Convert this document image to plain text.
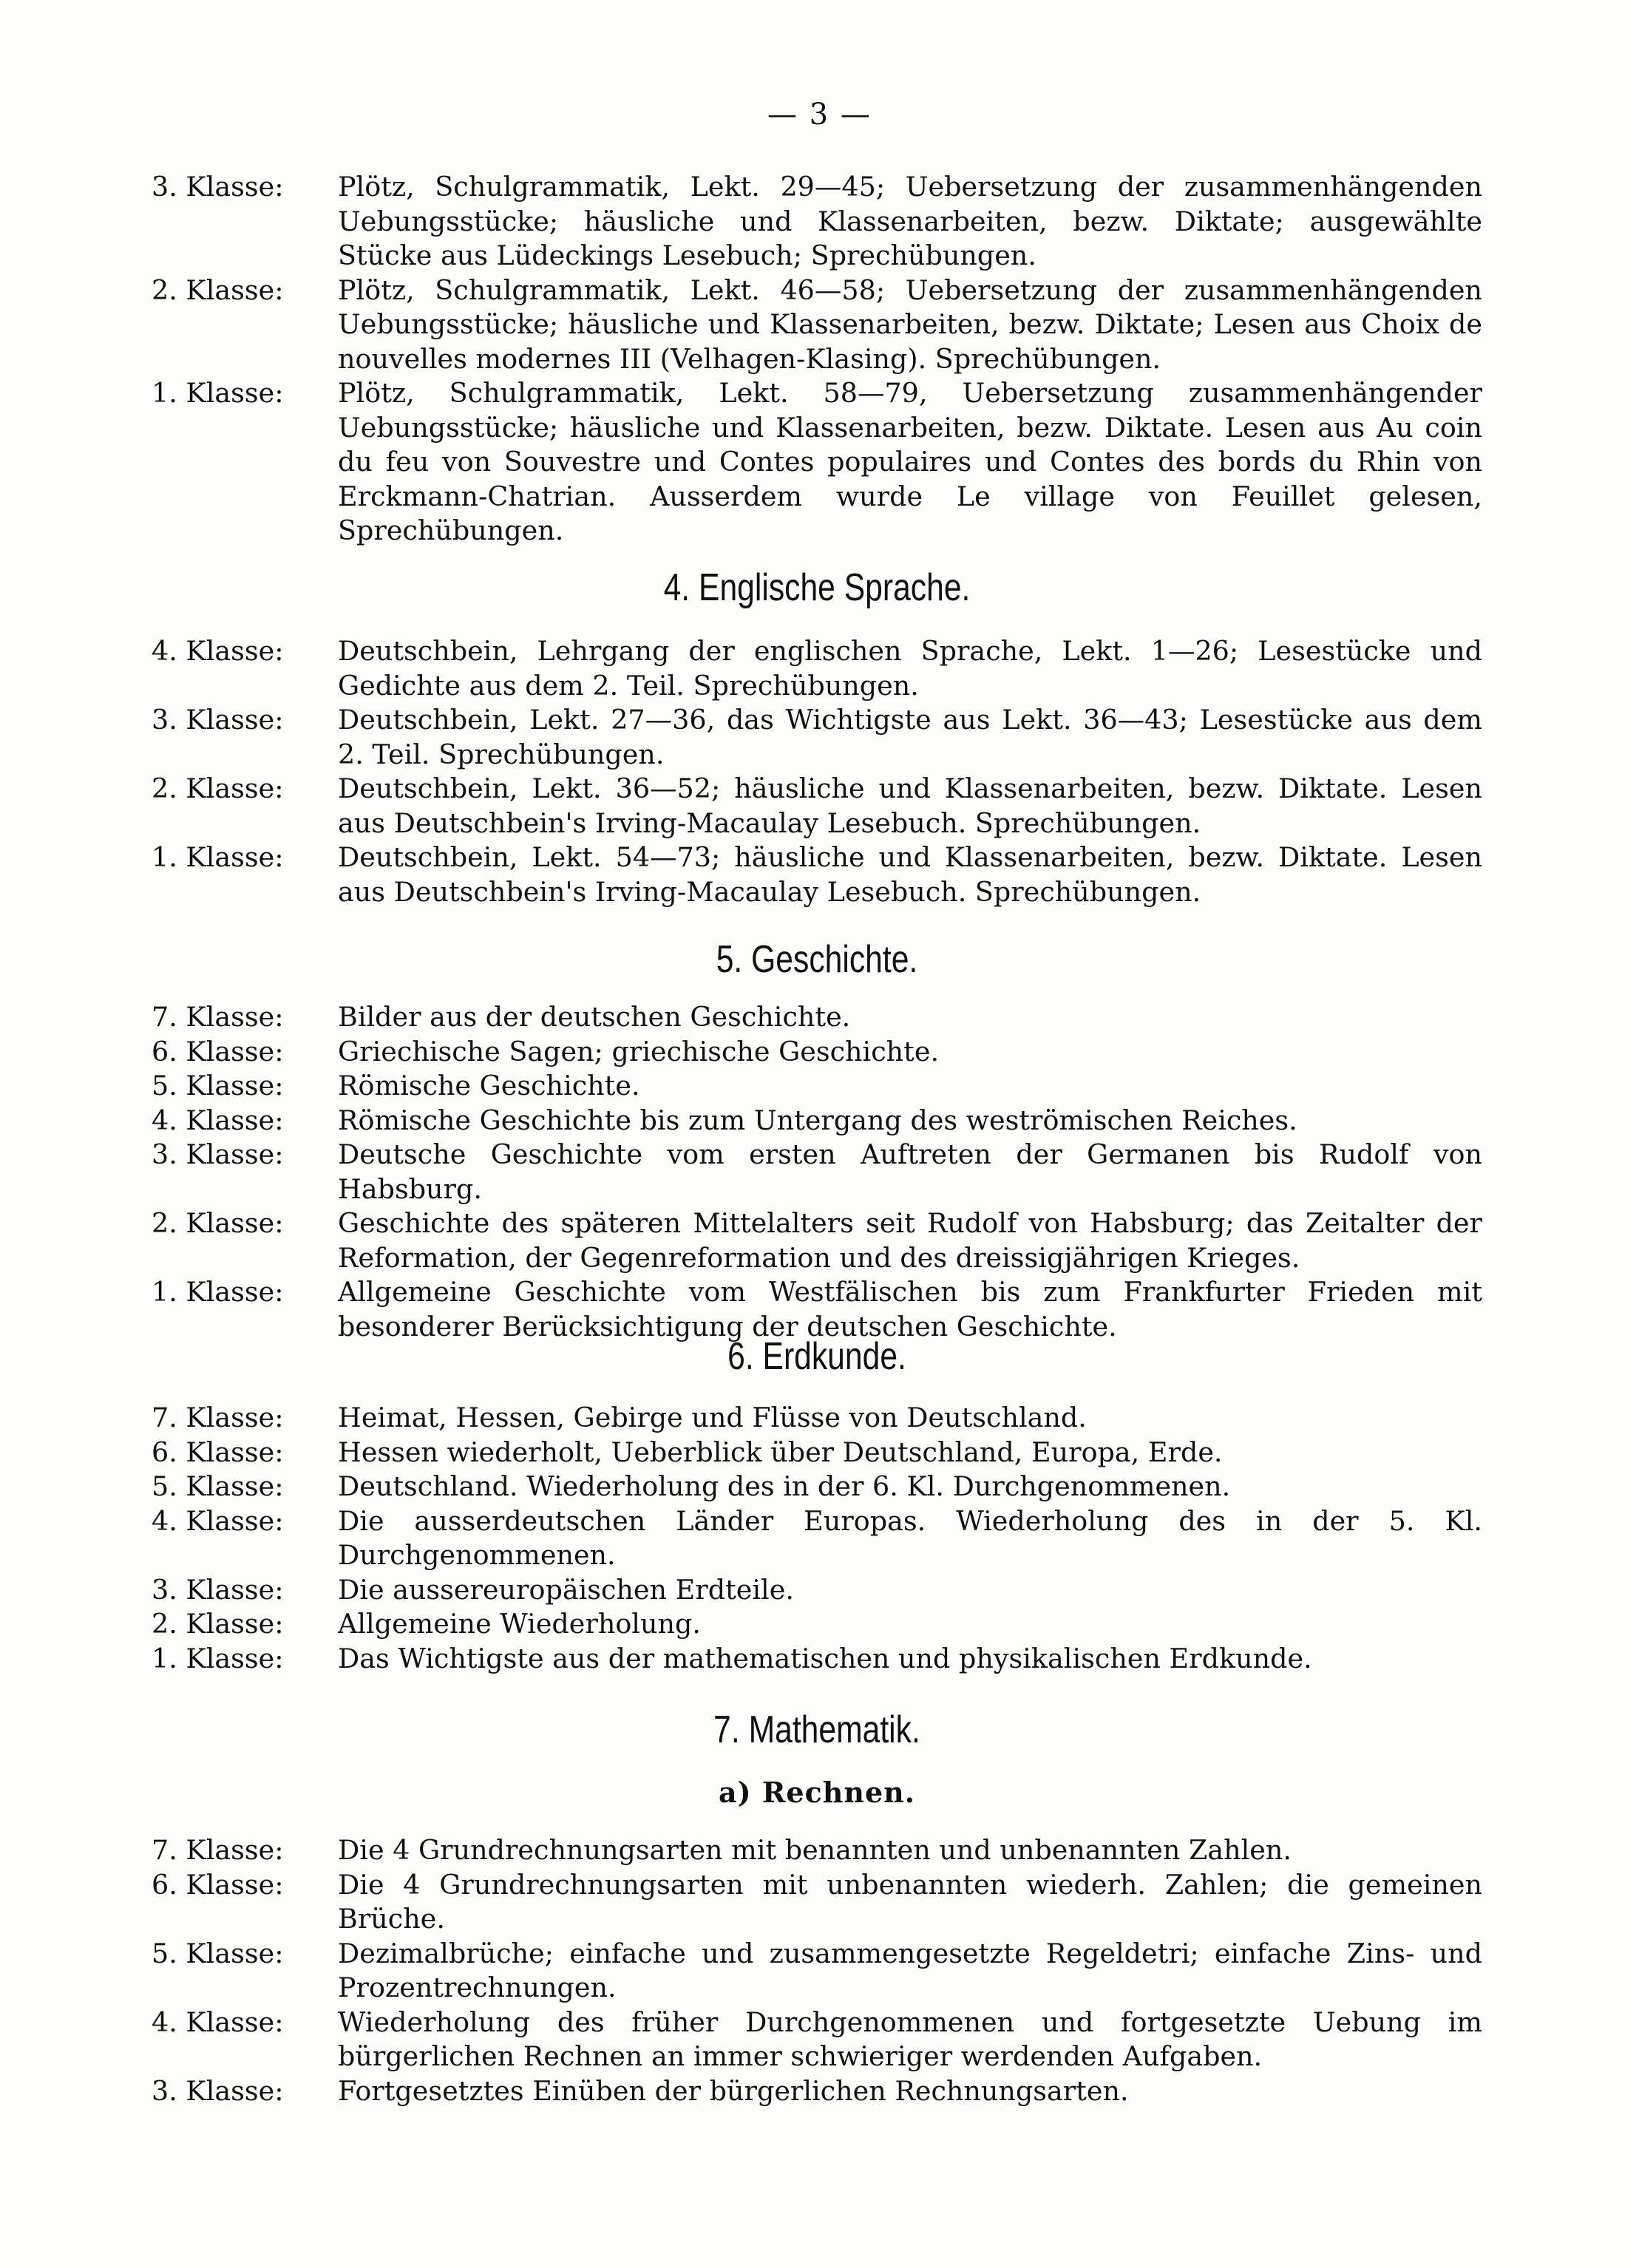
— 3 —
3. Klasse: Plötz, Schulgrammatik, Lekt. 29—45; Uebersetzung der zusammenhängenden Uebungsstücke; häusliche und Klassenarbeiten, bezw. Diktate; ausgewählte Stücke aus Lüdeckings Lesebuch; Sprechübungen.
2. Klasse: Plötz, Schulgrammatik, Lekt. 46—58; Uebersetzung der zusammenhängenden Uebungsstücke; häusliche und Klassenarbeiten, bezw. Diktate; Lesen aus Choix de nouvelles modernes III (Velhagen-Klasing). Sprechübungen.
1. Klasse: Plötz, Schulgrammatik, Lekt. 58—79, Uebersetzung zusammenhängender Uebungsstücke; häusliche und Klassenarbeiten, bezw. Diktate. Lesen aus Au coin du feu von Souvestre und Contes populaires und Contes des bords du Rhin von Erckmann-Chatrian. Ausserdem wurde Le village von Feuillet gelesen, Sprechübungen.
4. Englische Sprache.
4. Klasse: Deutschbein, Lehrgang der englischen Sprache, Lekt. 1—26; Lesestücke und Gedichte aus dem 2. Teil. Sprechübungen.
3. Klasse: Deutschbein, Lekt. 27—36, das Wichtigste aus Lekt. 36—43; Lesestücke aus dem 2. Teil. Sprechübungen.
2. Klasse: Deutschbein, Lekt. 36—52; häusliche und Klassenarbeiten, bezw. Diktate. Lesen aus Deutschbein's Irving-Macaulay Lesebuch. Sprechübungen.
1. Klasse: Deutschbein, Lekt. 54—73; häusliche und Klassenarbeiten, bezw. Diktate. Lesen aus Deutschbein's Irving-Macaulay Lesebuch. Sprechübungen.
5. Geschichte.
7. Klasse: Bilder aus der deutschen Geschichte.
6. Klasse: Griechische Sagen; griechische Geschichte.
5. Klasse: Römische Geschichte.
4. Klasse: Römische Geschichte bis zum Untergang des weströmischen Reiches.
3. Klasse: Deutsche Geschichte vom ersten Auftreten der Germanen bis Rudolf von Habsburg.
2. Klasse: Geschichte des späteren Mittelalters seit Rudolf von Habsburg; das Zeitalter der Reformation, der Gegenreformation und des dreissigjährigen Krieges.
1. Klasse: Allgemeine Geschichte vom Westfälischen bis zum Frankfurter Frieden mit besonderer Berücksichtigung der deutschen Geschichte.
6. Erdkunde.
7. Klasse: Heimat, Hessen, Gebirge und Flüsse von Deutschland.
6. Klasse: Hessen wiederholt, Ueberblick über Deutschland, Europa, Erde.
5. Klasse: Deutschland. Wiederholung des in der 6. Kl. Durchgenommenen.
4. Klasse: Die ausserdeutschen Länder Europas. Wiederholung des in der 5. Kl. Durchgenommenen.
3. Klasse: Die aussereuropäischen Erdteile.
2. Klasse: Allgemeine Wiederholung.
1. Klasse: Das Wichtigste aus der mathematischen und physikalischen Erdkunde.
7. Mathematik.
a) Rechnen.
7. Klasse: Die 4 Grundrechnungsarten mit benannten und unbenannten Zahlen.
6. Klasse: Die 4 Grundrechnungsarten mit unbenannten wiederh. Zahlen; die gemeinen Brüche.
5. Klasse: Dezimalbrüche; einfache und zusammengesetzte Regeldetri; einfache Zins- und Prozentrechnungen.
4. Klasse: Wiederholung des früher Durchgenommenen und fortgesetzte Uebung im bürgerlichen Rechnen an immer schwieriger werdenden Aufgaben.
3. Klasse: Fortgesetztes Einüben der bürgerlichen Rechnungsarten.
